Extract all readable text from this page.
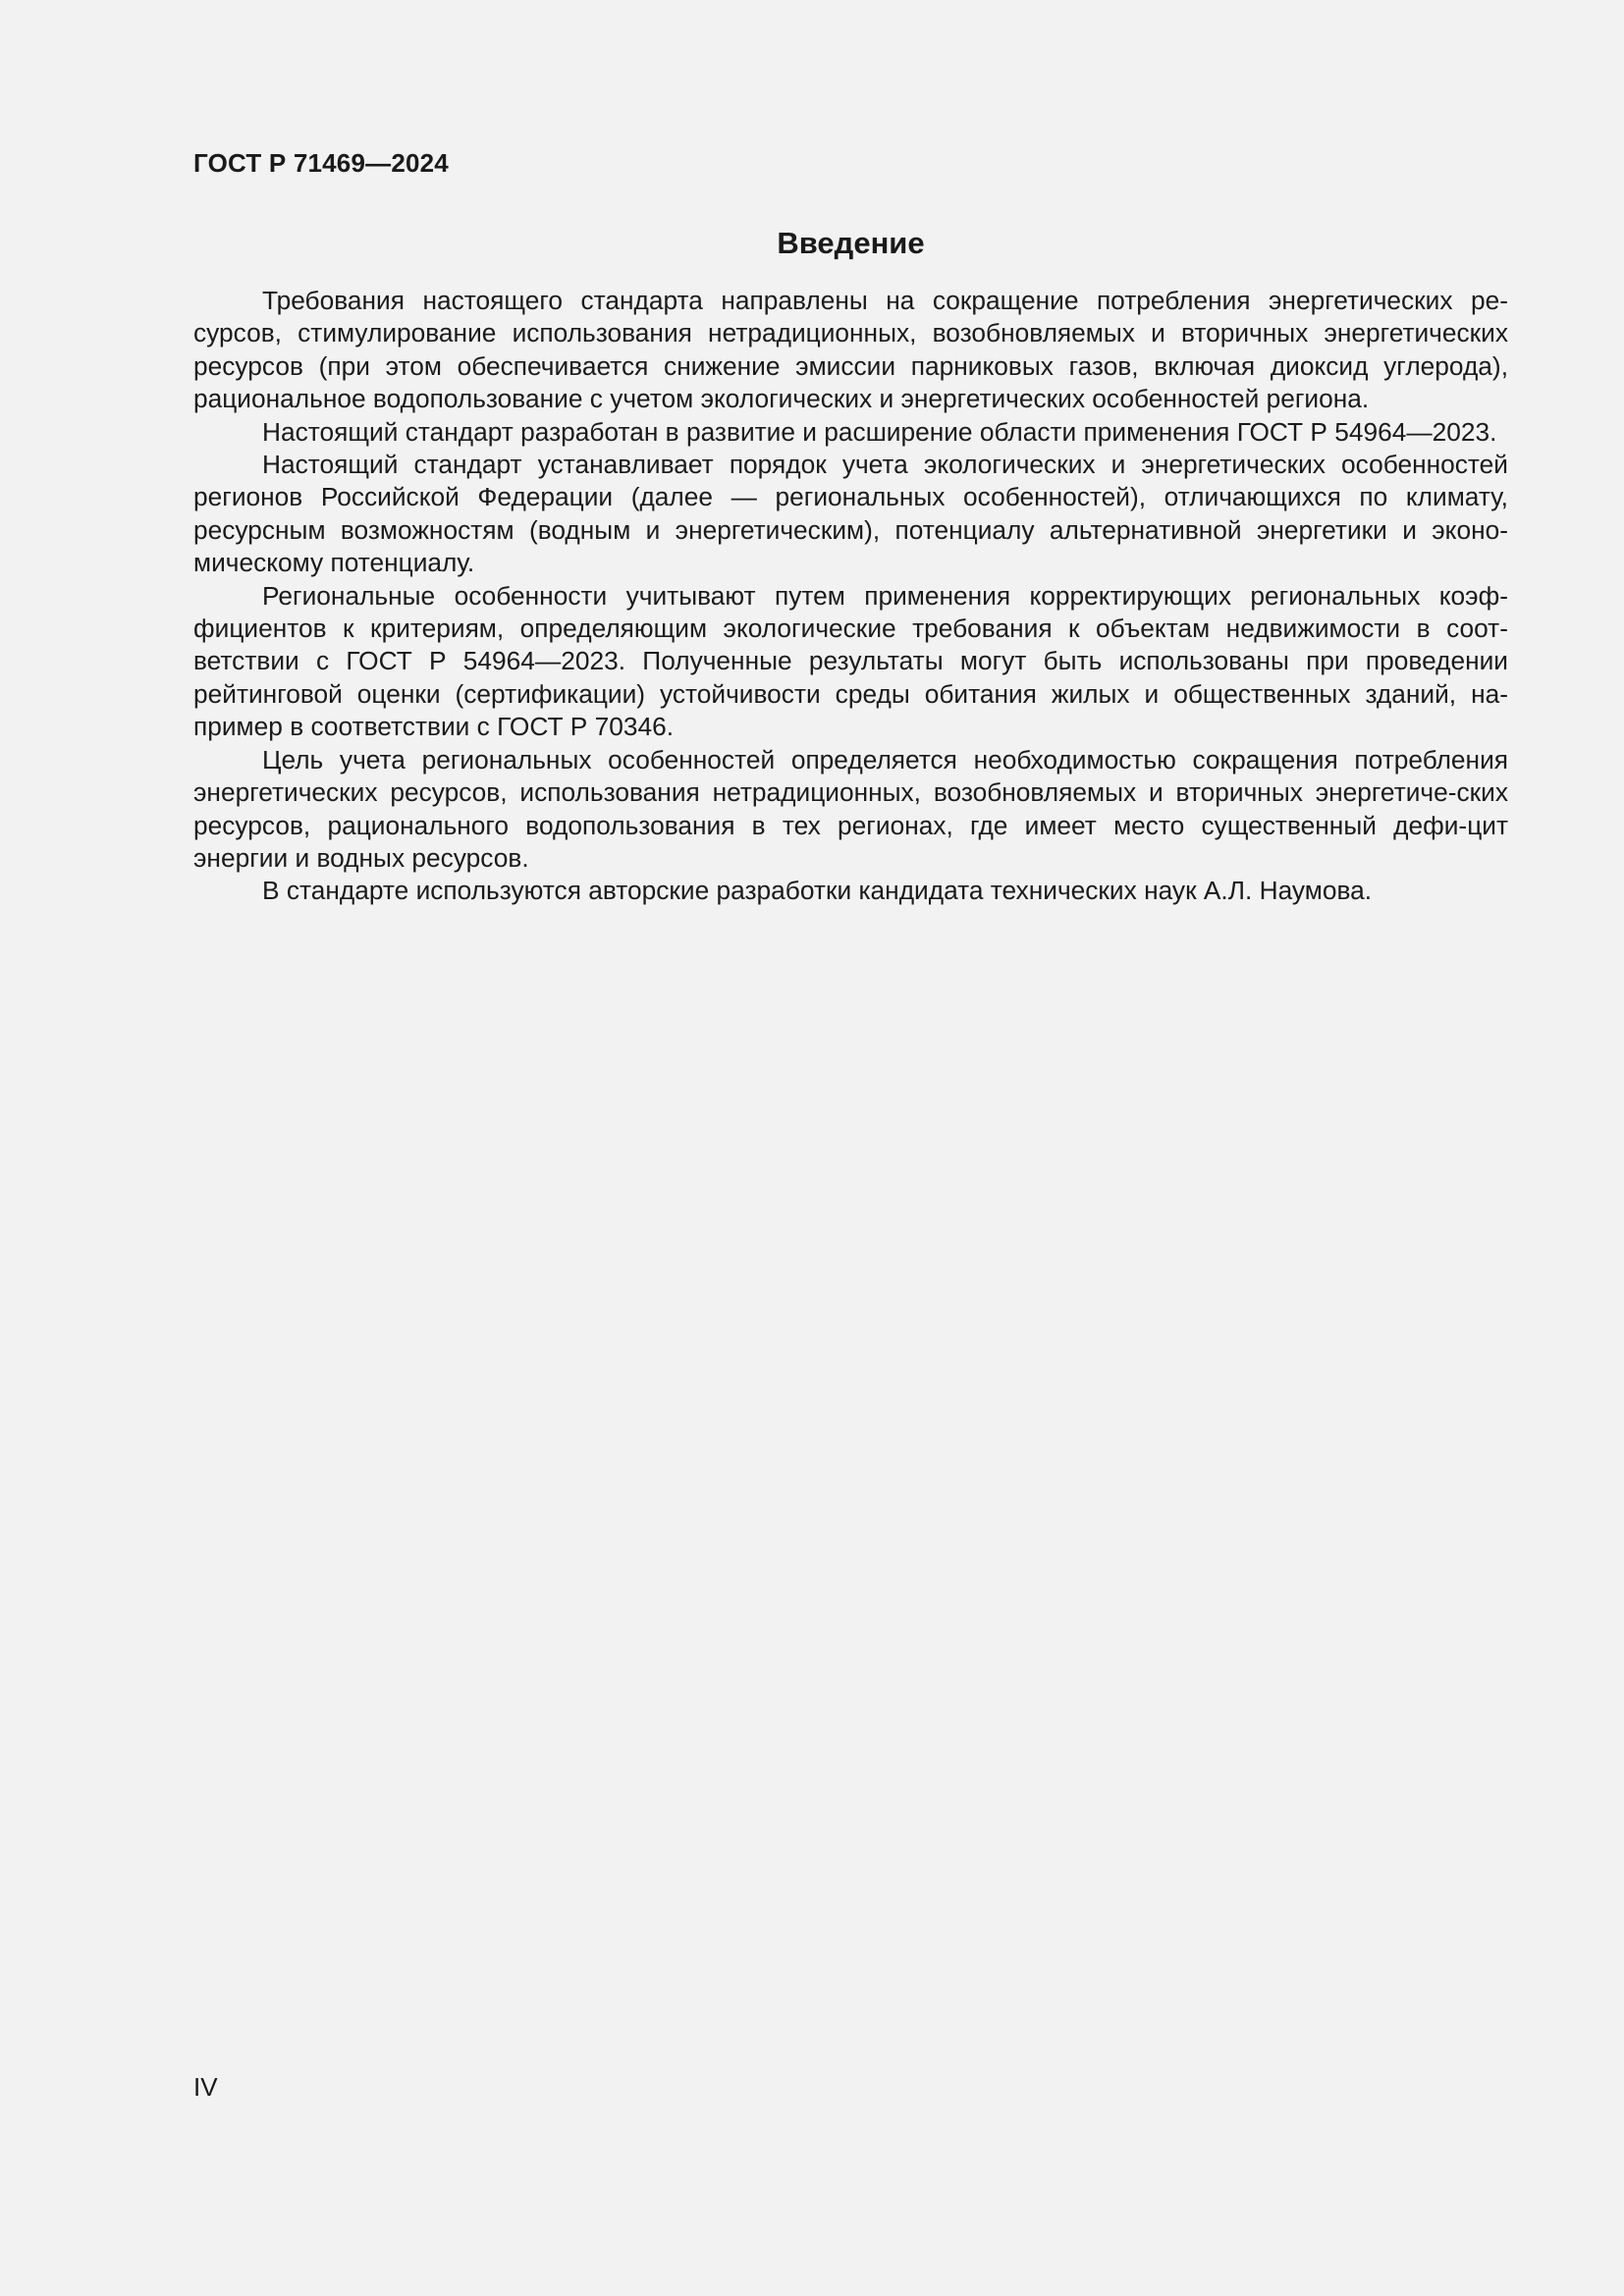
ГОСТ Р 71469—2024
Введение

Требования настоящего стандарта направлены на сокращение потребления энергетических ре-сурсов, стимулирование использования нетрадиционных, возобновляемых и вторичных энергетических ресурсов (при этом обеспечивается снижение эмиссии парниковых газов, включая диоксид углерода), рациональное водопользование с учетом экологических и энергетических особенностей региона.

Настоящий стандарт разработан в развитие и расширение области применения ГОСТ Р 54964—2023.

Настоящий стандарт устанавливает порядок учета экологических и энергетических особенностей регионов Российской Федерации (далее — региональных особенностей), отличающихся по климату, ресурсным возможностям (водным и энергетическим), потенциалу альтернативной энергетики и эконо-мическому потенциалу.

Региональные особенности учитывают путем применения корректирующих региональных коэф-фициентов к критериям, определяющим экологические требования к объектам недвижимости в соот-ветствии с ГОСТ Р 54964—2023. Полученные результаты могут быть использованы при проведении рейтинговой оценки (сертификации) устойчивости среды обитания жилых и общественных зданий, на-пример в соответствии с ГОСТ Р 70346.

Цель учета региональных особенностей определяется необходимостью сокращения потребления энергетических ресурсов, использования нетрадиционных, возобновляемых и вторичных энергетиче-ских ресурсов, рационального водопользования в тех регионах, где имеет место существенный дефи-цит энергии и водных ресурсов.

В стандарте используются авторские разработки кандидата технических наук А.Л. Наумова.

IV
